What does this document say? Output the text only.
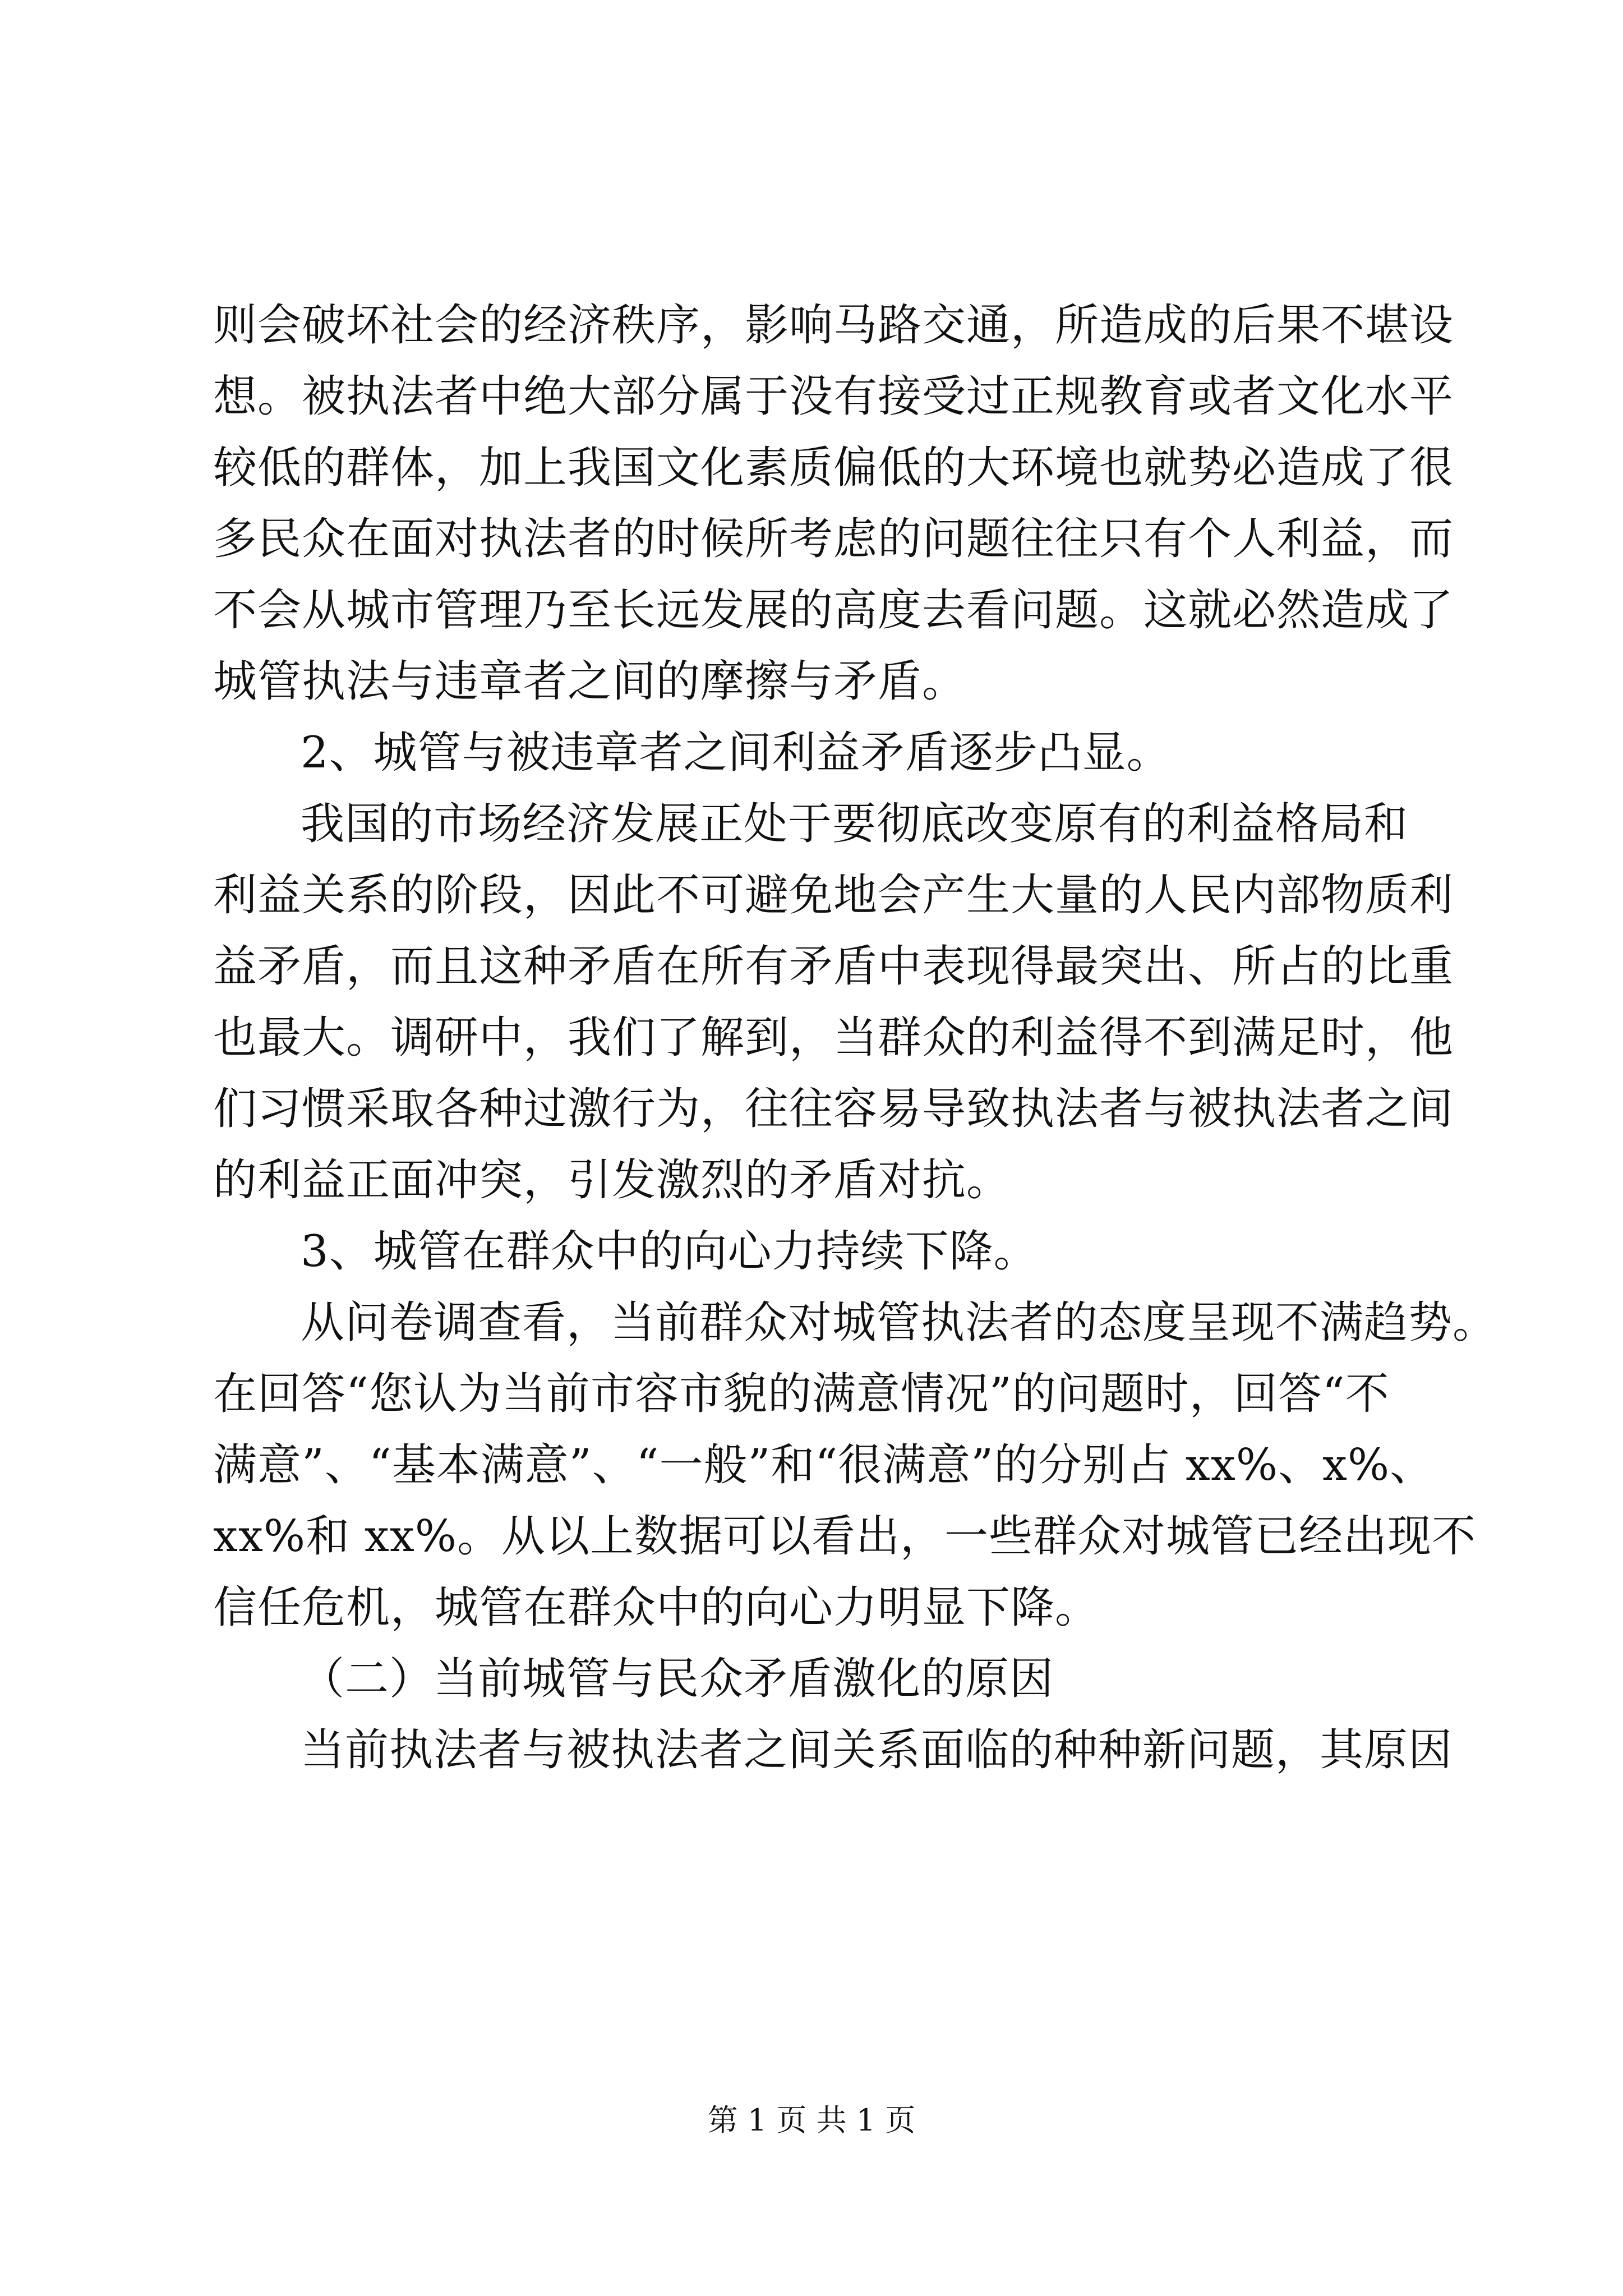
则会破坏社会的经济秩序，影响马路交通，所造成的后果不堪设
想。被执法者中绝大部分属于没有接受过正规教育或者文化水平
较低的群体，加上我国文化素质偏低的大环境也就势必造成了很
多民众在面对执法者的时候所考虑的问题往往只有个人利益，而
不会从城市管理乃至长远发展的高度去看问题。这就必然造成了
城管执法与违章者之间的摩擦与矛盾。
2、城管与被违章者之间利益矛盾逐步凸显。
我国的市场经济发展正处于要彻底改变原有的利益格局和
利益关系的阶段，因此不可避免地会产生大量的人民内部物质利
益矛盾，而且这种矛盾在所有矛盾中表现得最突出、所占的比重
也最大。调研中，我们了解到，当群众的利益得不到满足时，他
们习惯采取各种过激行为，往往容易导致执法者与被执法者之间
的利益正面冲突，引发激烈的矛盾对抗。
3、城管在群众中的向心力持续下降。
从问卷调查看，当前群众对城管执法者的态度呈现不满趋势。
在回答“您认为当前市容市貌的满意情况”的问题时，回答“不
满意”、“基本满意”、“一般”和“很满意”的分别占 xx%、x%、
xx%和 xx%。从以上数据可以看出，一些群众对城管已经出现不
信任危机，城管在群众中的向心力明显下降。
（二）当前城管与民众矛盾激化的原因
当前执法者与被执法者之间关系面临的种种新问题，其原因
第 1 页 共 1 页
